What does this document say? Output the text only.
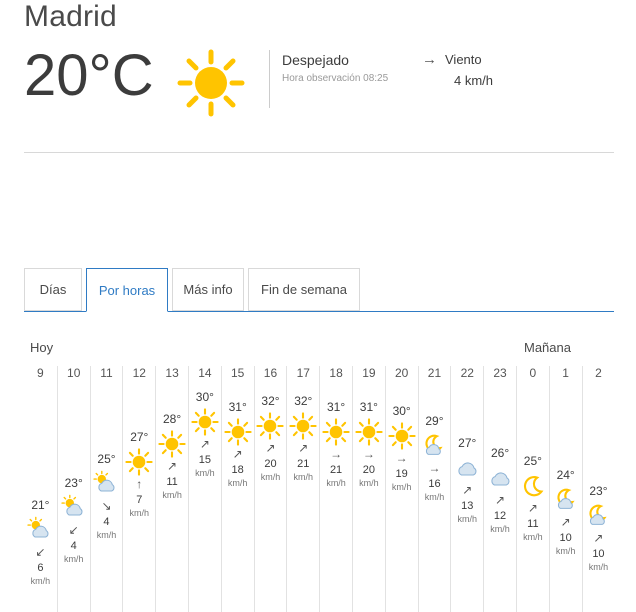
Madrid
20°C	Despejado
Hora observación 08:25
→ Viento
4 km/h
Días Por horas Más info Fin de semana
Hoy	Mañana
9
21°
↙
6
km/h
10
23°
↙
4
km/h
11
25°
↘
4
km/h
12
27°
↑
7
km/h
13
28°
↗
11
km/h
14
30°
↗
15
km/h
15
31°
↗
18
km/h
16
32°
↗
20
km/h
17
32°
↗
21
km/h
18
31°
→
21
km/h
19
31°
→
20
km/h
20
30°
→
19
km/h
21
29°
→
16
km/h
22
27°
↗
13
km/h
23
26°
↗
12
km/h
0
25°
↗
11
km/h
1
24°
↗
10
km/h
2
23°
↗
10
km/h
